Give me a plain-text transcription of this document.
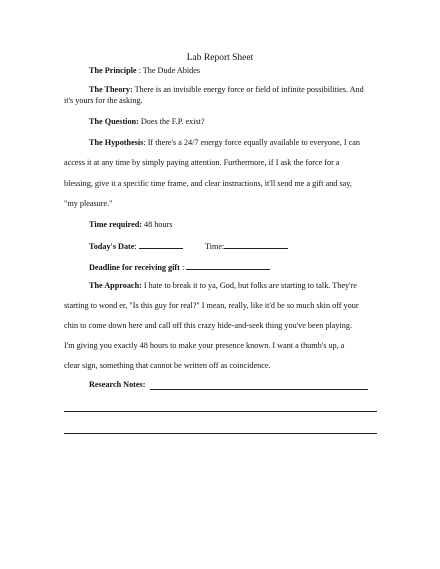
Lab Report Sheet
The Principle : The Dude Abides
The Theory: There is an invisible energy force or field of infinite possibilities. And
it's yours for the asking.
The Question: Does the F.P. exist?
The Hypothesis: If there's a 24/7 energy force equally available to everyone, I can
access it at any time by simply paying attention. Furthermore, if I ask the force for a
blessing, give it a specific time frame, and clear instructions, it'll send me a gift and say,
"my pleasure."
Time required: 48 hours
Today's Date:	Time:
Deadline for receiving gift :
The Approach: I hate to break it to ya, God, but folks are starting to talk. They're
starting to wond er, "Is this guy for real?" I mean, really, like it'd be so much skin off your
chin to come down here and call off this crazy hide-and-seek thing you've been playing.
I'm giving you exactly 48 hours to make your presence known. I want a thumb's up, a
clear sign, something that cannot be written off as coincidence.
Research Notes:
